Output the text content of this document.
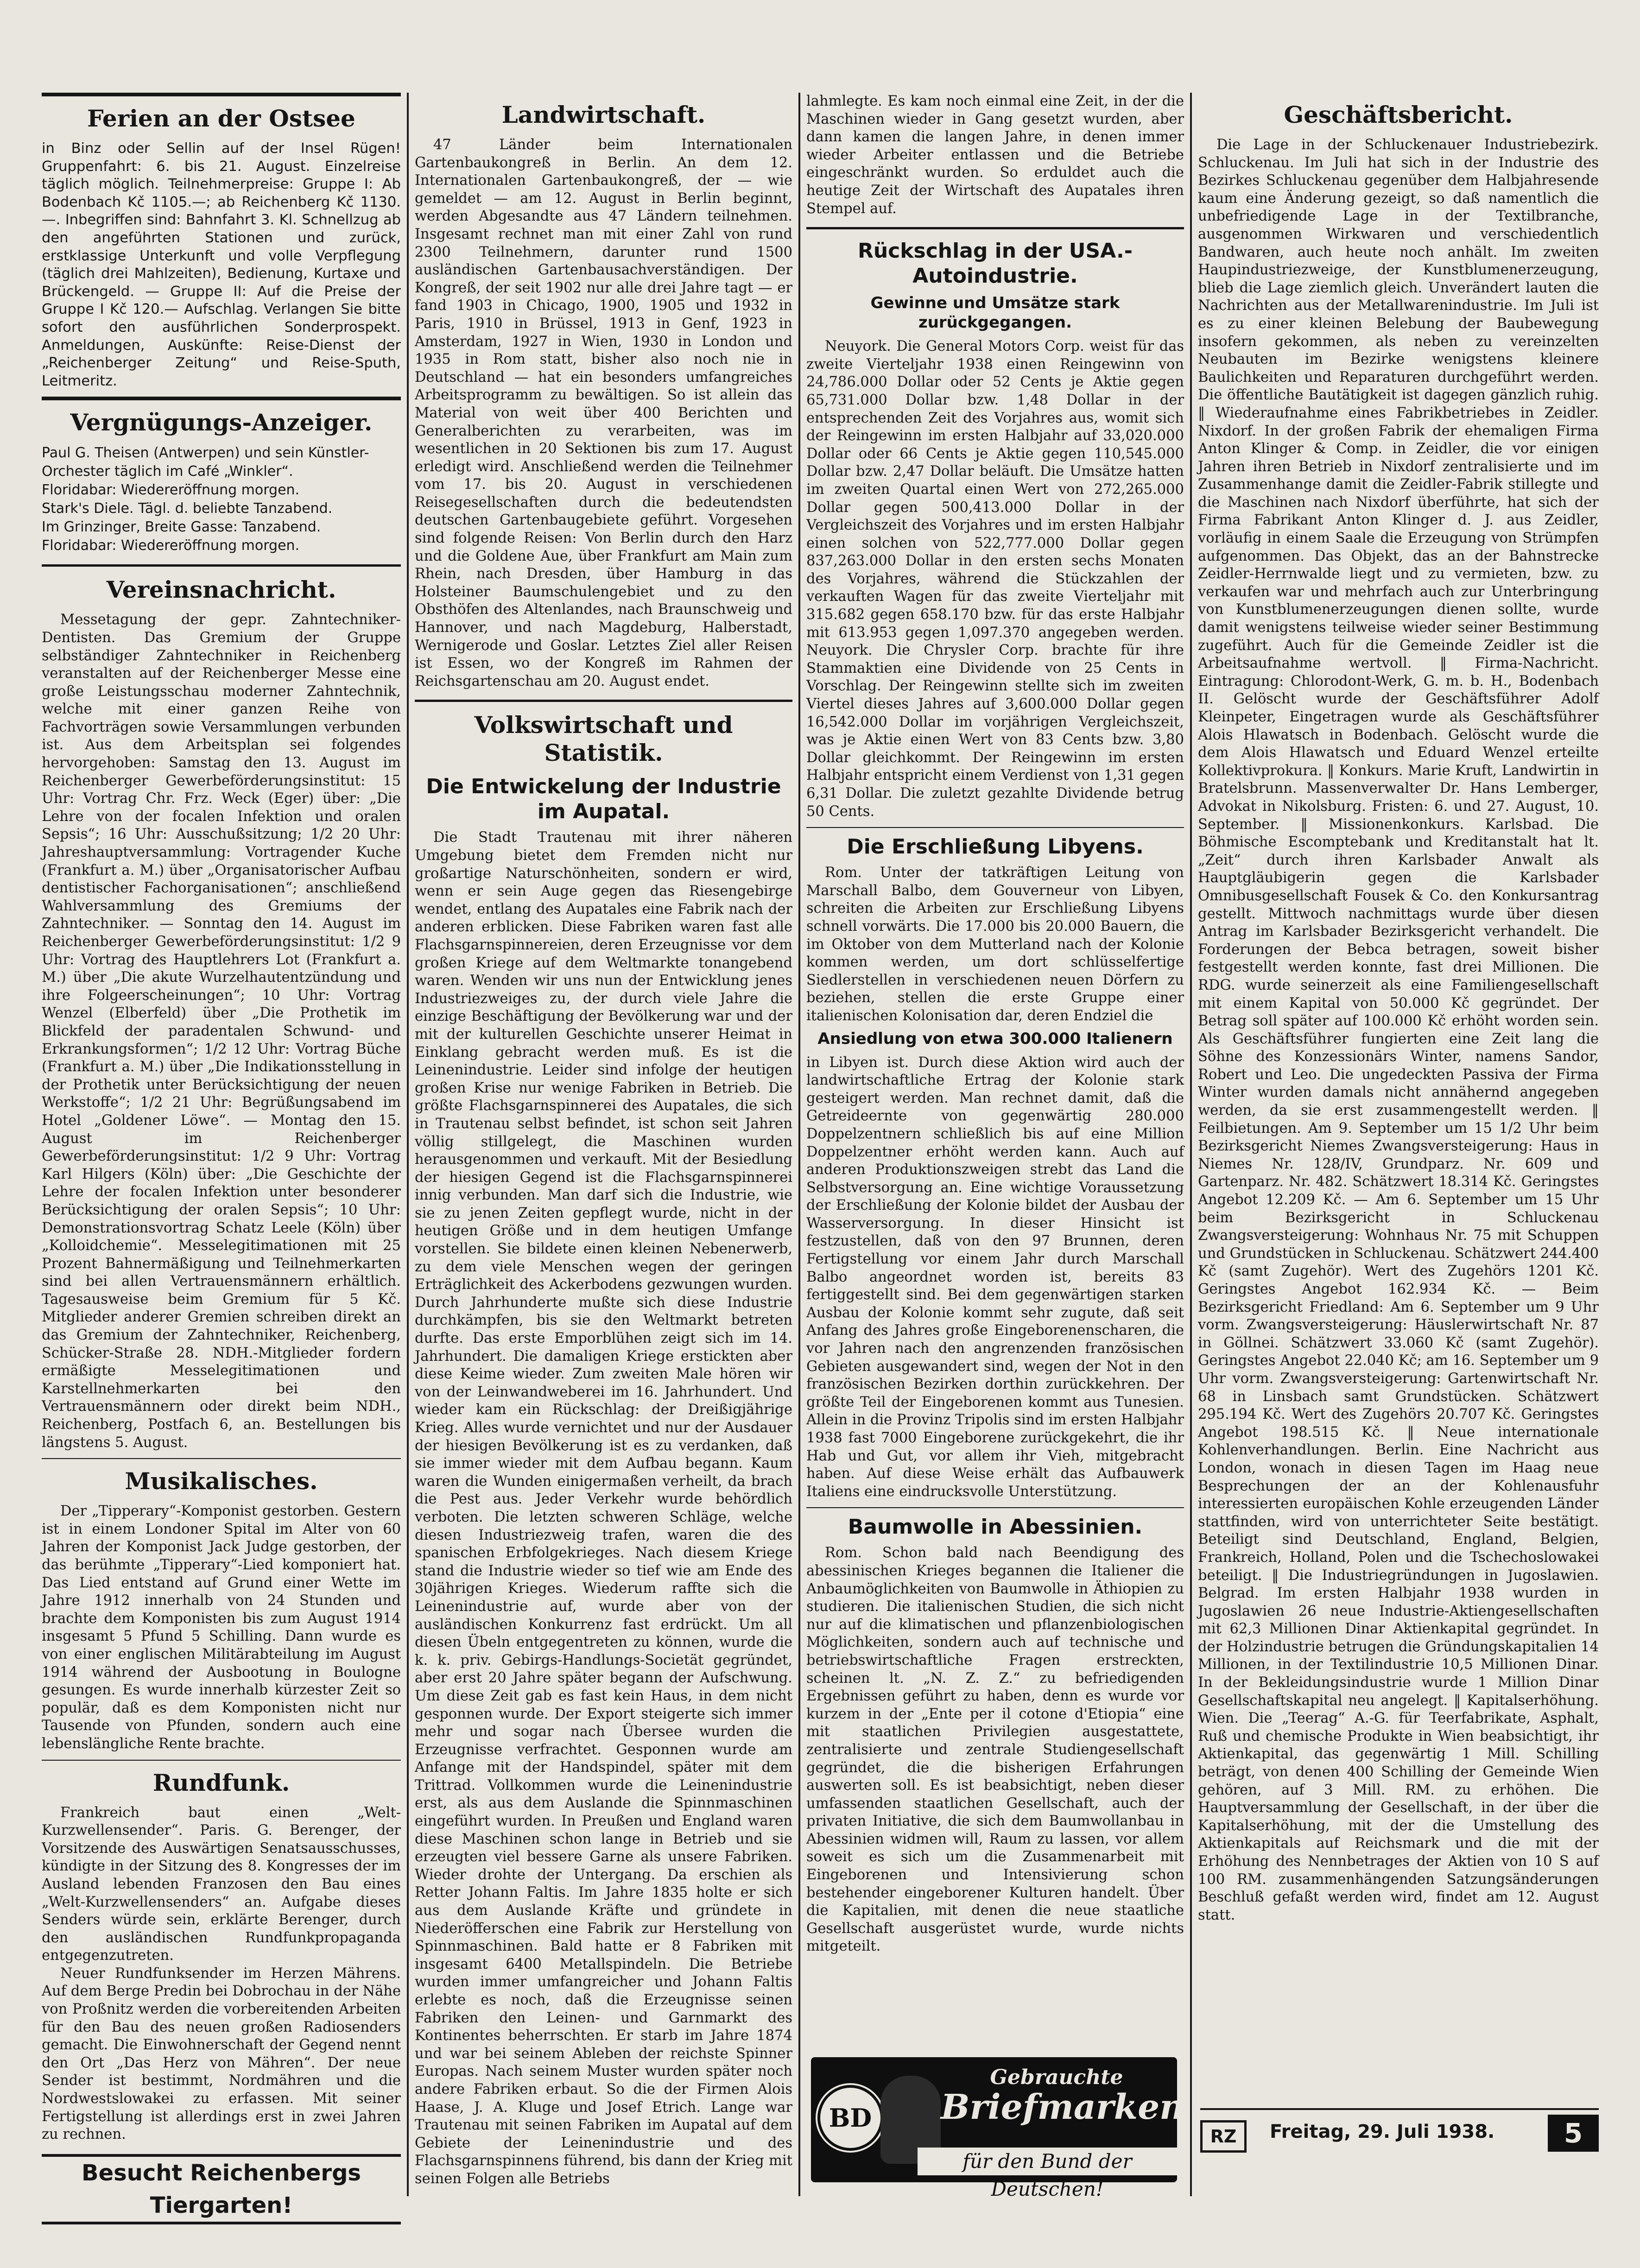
Ferien an der Ostsee

in Binz oder Sellin auf der Insel Rügen! Gruppenfahrt: 6. bis 21. August. Einzelreise täglich möglich. Teilnehmerpreise: Gruppe I: Ab Bodenbach Kč 1105.—; ab Reichenberg Kč 1130.—. Inbegriffen sind: Bahnfahrt 3. Kl. Schnellzug ab den angeführten Stationen und zurück, erstklassige Unterkunft und volle Verpflegung (täglich drei Mahlzeiten), Bedienung, Kurtaxe und Brückengeld. — Gruppe II: Auf die Preise der Gruppe I Kč 120.— Aufschlag. Verlangen Sie bitte sofort den ausführlichen Sonderprospekt. Anmeldungen, Auskünfte: Reise-Dienst der „Reichenberger Zeitung“ und Reise-Sputh, Leitmeritz.

Vergnügungs-Anzeiger.

Paul G. Theisen (Antwerpen) und sein Künstler-Orchester täglich im Café „Winkler“.

Floridabar: Wiedereröffnung morgen.

Stark's Diele. Tägl. d. beliebte Tanzabend.

Im Grinzinger, Breite Gasse: Tanzabend.

Floridabar: Wiedereröffnung morgen.

Vereinsnachricht.

Messetagung der gepr. Zahntechniker-Dentisten. Das Gremium der Gruppe selbständiger Zahntechniker in Reichenberg veranstalten auf der Reichenberger Messe eine große Leistungsschau moderner Zahntechnik, welche mit einer ganzen Reihe von Fachvorträgen sowie Versammlungen verbunden ist. Aus dem Arbeitsplan sei folgendes hervorgehoben: Samstag den 13. August im Reichenberger Gewerbeförderungsinstitut: 15 Uhr: Vortrag Chr. Frz. Weck (Eger) über: „Die Lehre von der focalen Infektion und oralen Sepsis“; 16 Uhr: Ausschußsitzung; 1/2 20 Uhr: Jahreshauptversammlung: Vortragender Kuche (Frankfurt a. M.) über „Organisatorischer Aufbau dentistischer Fachorganisationen“; anschließend Wahlversammlung des Gremiums der Zahntechniker. — Sonntag den 14. August im Reichenberger Gewerbeförderungsinstitut: 1/2 9 Uhr: Vortrag des Hauptlehrers Lot (Frankfurt a. M.) über „Die akute Wurzelhautentzündung und ihre Folgeerscheinungen“; 10 Uhr: Vortrag Wenzel (Elberfeld) über „Die Prothetik im Blickfeld der paradentalen Schwund- und Erkrankungsformen“; 1/2 12 Uhr: Vortrag Büche (Frankfurt a. M.) über „Die Indikationsstellung in der Prothetik unter Berücksichtigung der neuen Werkstoffe“; 1/2 21 Uhr: Begrüßungsabend im Hotel „Goldener Löwe“. — Montag den 15. August im Reichenberger Gewerbeförderungsinstitut: 1/2 9 Uhr: Vortrag Karl Hilgers (Köln) über: „Die Geschichte der Lehre der focalen Infektion unter besonderer Berücksichtigung der oralen Sepsis“; 10 Uhr: Demonstrationsvortrag Schatz Leele (Köln) über „Kolloidchemie“. Messelegitimationen mit 25 Prozent Bahnermäßigung und Teilnehmerkarten sind bei allen Vertrauensmännern erhältlich. Tagesausweise beim Gremium für 5 Kč. Mitglieder anderer Gremien schreiben direkt an das Gremium der Zahntechniker, Reichenberg, Schücker-Straße 28. NDH.-Mitglieder fordern ermäßigte Messelegitimationen und Karstellnehmerkarten bei den Vertrauensmännern oder direkt beim NDH., Reichenberg, Postfach 6, an. Bestellungen bis längstens 5. August.

Musikalisches.

Der „Tipperary“-Komponist gestorben. Gestern ist in einem Londoner Spital im Alter von 60 Jahren der Komponist Jack Judge gestorben, der das berühmte „Tipperary“-Lied komponiert hat. Das Lied entstand auf Grund einer Wette im Jahre 1912 innerhalb von 24 Stunden und brachte dem Komponisten bis zum August 1914 insgesamt 5 Pfund 5 Schilling. Dann wurde es von einer englischen Militärabteilung im August 1914 während der Ausbootung in Boulogne gesungen. Es wurde innerhalb kürzester Zeit so populär, daß es dem Komponisten nicht nur Tausende von Pfunden, sondern auch eine lebenslängliche Rente brachte.

Rundfunk.

Frankreich baut einen „Welt-Kurzwellensender“. Paris. G. Berenger, der Vorsitzende des Auswärtigen Senatsausschusses, kündigte in der Sitzung des 8. Kongresses der im Ausland lebenden Franzosen den Bau eines „Welt-Kurzwellensenders“ an. Aufgabe dieses Senders würde sein, erklärte Berenger, durch den ausländischen Rundfunkpropaganda entgegenzutreten.

Neuer Rundfunksender im Herzen Mährens. Auf dem Berge Predin bei Dobrochau in der Nähe von Proßnitz werden die vorbereitenden Arbeiten für den Bau des neuen großen Radiosenders gemacht. Die Einwohnerschaft der Gegend nennt den Ort „Das Herz von Mähren“. Der neue Sender ist bestimmt, Nordmähren und die Nordwestslowakei zu erfassen. Mit seiner Fertigstellung ist allerdings erst in zwei Jahren zu rechnen.

Besucht Reichenbergs Tiergarten!
Landwirtschaft.

47 Länder beim Internationalen Gartenbaukongreß in Berlin. An dem 12. Internationalen Gartenbaukongreß, der — wie gemeldet — am 12. August in Berlin beginnt, werden Abgesandte aus 47 Ländern teilnehmen. Insgesamt rechnet man mit einer Zahl von rund 2300 Teilnehmern, darunter rund 1500 ausländischen Gartenbausachverständigen. Der Kongreß, der seit 1902 nur alle drei Jahre tagt — er fand 1903 in Chicago, 1900, 1905 und 1932 in Paris, 1910 in Brüssel, 1913 in Genf, 1923 in Amsterdam, 1927 in Wien, 1930 in London und 1935 in Rom statt, bisher also noch nie in Deutschland — hat ein besonders umfangreiches Arbeitsprogramm zu bewältigen. So ist allein das Material von weit über 400 Berichten und Generalberichten zu verarbeiten, was im wesentlichen in 20 Sektionen bis zum 17. August erledigt wird. Anschließend werden die Teilnehmer vom 17. bis 20. August in verschiedenen Reisegesellschaften durch die bedeutendsten deutschen Gartenbaugebiete geführt. Vorgesehen sind folgende Reisen: Von Berlin durch den Harz und die Goldene Aue, über Frankfurt am Main zum Rhein, nach Dresden, über Hamburg in das Holsteiner Baumschulengebiet und zu den Obsthöfen des Altenlandes, nach Braunschweig und Hannover, und nach Magdeburg, Halberstadt, Wernigerode und Goslar. Letztes Ziel aller Reisen ist Essen, wo der Kongreß im Rahmen der Reichsgartenschau am 20. August endet.

Volkswirtschaft und Statistik.
Die Entwickelung der Industrie im Aupatal.

Die Stadt Trautenau mit ihrer näheren Umgebung bietet dem Fremden nicht nur großartige Naturschönheiten, sondern er wird, wenn er sein Auge gegen das Riesengebirge wendet, entlang des Aupatales eine Fabrik nach der anderen erblicken. Diese Fabriken waren fast alle Flachsgarnspinnereien, deren Erzeugnisse vor dem großen Kriege auf dem Weltmarkte tonangebend waren. Wenden wir uns nun der Entwicklung jenes Industriezweiges zu, der durch viele Jahre die einzige Beschäftigung der Bevölkerung war und der mit der kulturellen Geschichte unserer Heimat in Einklang gebracht werden muß. Es ist die Leinenindustrie. Leider sind infolge der heutigen großen Krise nur wenige Fabriken in Betrieb. Die größte Flachsgarnspinnerei des Aupatales, die sich in Trautenau selbst befindet, ist schon seit Jahren völlig stillgelegt, die Maschinen wurden herausgenommen und verkauft. Mit der Besiedlung der hiesigen Gegend ist die Flachsgarnspinnerei innig verbunden. Man darf sich die Industrie, wie sie zu jenen Zeiten gepflegt wurde, nicht in der heutigen Größe und in dem heutigen Umfange vorstellen. Sie bildete einen kleinen Nebenerwerb, zu dem viele Menschen wegen der geringen Erträglichkeit des Ackerbodens gezwungen wurden. Durch Jahrhunderte mußte sich diese Industrie durchkämpfen, bis sie den Weltmarkt betreten durfte. Das erste Emporblühen zeigt sich im 14. Jahrhundert. Die damaligen Kriege erstickten aber diese Keime wieder. Zum zweiten Male hören wir von der Leinwandweberei im 16. Jahrhundert. Und wieder kam ein Rückschlag: der Dreißigjährige Krieg. Alles wurde vernichtet und nur der Ausdauer der hiesigen Bevölkerung ist es zu verdanken, daß sie immer wieder mit dem Aufbau begann. Kaum waren die Wunden einigermaßen verheilt, da brach die Pest aus. Jeder Verkehr wurde behördlich verboten. Die letzten schweren Schläge, welche diesen Industriezweig trafen, waren die des spanischen Erbfolgekrieges. Nach diesem Kriege stand die Industrie wieder so tief wie am Ende des 30jährigen Krieges. Wiederum raffte sich die Leinenindustrie auf, wurde aber von der ausländischen Konkurrenz fast erdrückt. Um all diesen Übeln entgegentreten zu können, wurde die k. k. priv. Gebirgs-Handlungs-Societät gegründet, aber erst 20 Jahre später begann der Aufschwung. Um diese Zeit gab es fast kein Haus, in dem nicht gesponnen wurde. Der Export steigerte sich immer mehr und sogar nach Übersee wurden die Erzeugnisse verfrachtet. Gesponnen wurde am Anfange mit der Handspindel, später mit dem Trittrad. Vollkommen wurde die Leinenindustrie erst, als aus dem Auslande die Spinnmaschinen eingeführt wurden. In Preußen und England waren diese Maschinen schon lange in Betrieb und sie erzeugten viel bessere Garne als unsere Fabriken. Wieder drohte der Untergang. Da erschien als Retter Johann Faltis. Im Jahre 1835 holte er sich aus dem Auslande Kräfte und gründete in Niederöfferschen eine Fabrik zur Herstellung von Spinnmaschinen. Bald hatte er 8 Fabriken mit insgesamt 6400 Metallspindeln. Die Betriebe wurden immer umfangreicher und Johann Faltis erlebte es noch, daß die Erzeugnisse seinen Fabriken den Leinen- und Garnmarkt des Kontinentes beherrschten. Er starb im Jahre 1874 und war bei seinem Ableben der reichste Spinner Europas. Nach seinem Muster wurden später noch andere Fabriken erbaut. So die der Firmen Alois Haase, J. A. Kluge und Josef Etrich. Lange war Trautenau mit seinen Fabriken im Aupatal auf dem Gebiete der Leinenindustrie und des Flachsgarnspinnens führend, bis dann der Krieg mit seinen Folgen alle Betriebs

lahmlegte. Es kam noch einmal eine Zeit, in der die Maschinen wieder in Gang gesetzt wurden, aber dann kamen die langen Jahre, in denen immer wieder Arbeiter entlassen und die Betriebe eingeschränkt wurden. So erduldet auch die heutige Zeit der Wirtschaft des Aupatales ihren Stempel auf.

Rückschlag in der USA.-Autoindustrie.
Gewinne und Umsätze stark zurückgegangen.

Neuyork. Die General Motors Corp. weist für das zweite Vierteljahr 1938 einen Reingewinn von 24,786.000 Dollar oder 52 Cents je Aktie gegen 65,731.000 Dollar bzw. 1,48 Dollar in der entsprechenden Zeit des Vorjahres aus, womit sich der Reingewinn im ersten Halbjahr auf 33,020.000 Dollar oder 66 Cents je Aktie gegen 110,545.000 Dollar bzw. 2,47 Dollar beläuft. Die Umsätze hatten im zweiten Quartal einen Wert von 272,265.000 Dollar gegen 500,413.000 Dollar in der Vergleichszeit des Vorjahres und im ersten Halbjahr einen solchen von 522,777.000 Dollar gegen 837,263.000 Dollar in den ersten sechs Monaten des Vorjahres, während die Stückzahlen der verkauften Wagen für das zweite Vierteljahr mit 315.682 gegen 658.170 bzw. für das erste Halbjahr mit 613.953 gegen 1,097.370 angegeben werden. Neuyork. Die Chrysler Corp. brachte für ihre Stammaktien eine Dividende von 25 Cents in Vorschlag. Der Reingewinn stellte sich im zweiten Viertel dieses Jahres auf 3,600.000 Dollar gegen 16,542.000 Dollar im vorjährigen Vergleichszeit, was je Aktie einen Wert von 83 Cents bzw. 3,80 Dollar gleichkommt. Der Reingewinn im ersten Halbjahr entspricht einem Verdienst von 1,31 gegen 6,31 Dollar. Die zuletzt gezahlte Dividende betrug 50 Cents.

Die Erschließung Libyens.

Rom. Unter der tatkräftigen Leitung von Marschall Balbo, dem Gouverneur von Libyen, schreiten die Arbeiten zur Erschließung Libyens schnell vorwärts. Die 17.000 bis 20.000 Bauern, die im Oktober von dem Mutterland nach der Kolonie kommen werden, um dort schlüsselfertige Siedlerstellen in verschiedenen neuen Dörfern zu beziehen, stellen die erste Gruppe einer italienischen Kolonisation dar, deren Endziel die

Ansiedlung von etwa 300.000 Italienern

in Libyen ist. Durch diese Aktion wird auch der landwirtschaftliche Ertrag der Kolonie stark gesteigert werden. Man rechnet damit, daß die Getreideernte von gegenwärtig 280.000 Doppelzentnern schließlich bis auf eine Million Doppelzentner erhöht werden kann. Auch auf anderen Produktionszweigen strebt das Land die Selbstversorgung an. Eine wichtige Voraussetzung der Erschließung der Kolonie bildet der Ausbau der Wasserversorgung. In dieser Hinsicht ist festzustellen, daß von den 97 Brunnen, deren Fertigstellung vor einem Jahr durch Marschall Balbo angeordnet worden ist, bereits 83 fertiggestellt sind. Bei dem gegenwärtigen starken Ausbau der Kolonie kommt sehr zugute, daß seit Anfang des Jahres große Eingeborenenscharen, die vor Jahren nach den angrenzenden französischen Gebieten ausgewandert sind, wegen der Not in den französischen Bezirken dorthin zurückkehren. Der größte Teil der Eingeborenen kommt aus Tunesien. Allein in die Provinz Tripolis sind im ersten Halbjahr 1938 fast 7000 Eingeborene zurückgekehrt, die ihr Hab und Gut, vor allem ihr Vieh, mitgebracht haben. Auf diese Weise erhält das Aufbauwerk Italiens eine eindrucksvolle Unterstützung.

Baumwolle in Abessinien.

Rom. Schon bald nach Beendigung des abessinischen Krieges begannen die Italiener die Anbaumöglichkeiten von Baumwolle in Äthiopien zu studieren. Die italienischen Studien, die sich nicht nur auf die klimatischen und pflanzenbiologischen Möglichkeiten, sondern auch auf technische und betriebswirtschaftliche Fragen erstreckten, scheinen lt. „N. Z. Z.“ zu befriedigenden Ergebnissen geführt zu haben, denn es wurde vor kurzem in der „Ente per il cotone d'Etiopia“ eine mit staatlichen Privilegien ausgestattete, zentralisierte und zentrale Studiengesellschaft gegründet, die die bisherigen Erfahrungen auswerten soll. Es ist beabsichtigt, neben dieser umfassenden staatlichen Gesellschaft, auch der privaten Initiative, die sich dem Baumwollanbau in Abessinien widmen will, Raum zu lassen, vor allem soweit es sich um die Zusammenarbeit mit Eingeborenen und Intensivierung schon bestehender eingeborener Kulturen handelt. Über die Kapitalien, mit denen die neue staatliche Gesellschaft ausgerüstet wurde, wurde nichts mitgeteilt.

BD
Gebrauchte
Briefmarken
für den Bund der Deutschen!
Geschäftsbericht.

Die Lage in der Schluckenauer Industriebezirk. Schluckenau. Im Juli hat sich in der Industrie des Bezirkes Schluckenau gegenüber dem Halbjahresende kaum eine Änderung gezeigt, so daß namentlich die unbefriedigende Lage in der Textilbranche, ausgenommen Wirkwaren und verschiedentlich Bandwaren, auch heute noch anhält. Im zweiten Haupindustriezweige, der Kunstblumenerzeugung, blieb die Lage ziemlich gleich. Unverändert lauten die Nachrichten aus der Metallwarenindustrie. Im Juli ist es zu einer kleinen Belebung der Baubewegung insofern gekommen, als neben zu vereinzelten Neubauten im Bezirke wenigstens kleinere Baulichkeiten und Reparaturen durchgeführt werden. Die öffentliche Bautätigkeit ist dagegen gänzlich ruhig. ‖ Wiederaufnahme eines Fabrikbetriebes in Zeidler. Nixdorf. In der großen Fabrik der ehemaligen Firma Anton Klinger & Comp. in Zeidler, die vor einigen Jahren ihren Betrieb in Nixdorf zentralisierte und im Zusammenhange damit die Zeidler-Fabrik stillegte und die Maschinen nach Nixdorf überführte, hat sich der Firma Fabrikant Anton Klinger d. J. aus Zeidler, vorläufig in einem Saale die Erzeugung von Strümpfen aufgenommen. Das Objekt, das an der Bahnstrecke Zeidler-Herrnwalde liegt und zu vermieten, bzw. zu verkaufen war und mehrfach auch zur Unterbringung von Kunstblumenerzeugungen dienen sollte, wurde damit wenigstens teilweise wieder seiner Bestimmung zugeführt. Auch für die Gemeinde Zeidler ist die Arbeitsaufnahme wertvoll. ‖ Firma-Nachricht. Eintragung: Chlorodont-Werk, G. m. b. H., Bodenbach II. Gelöscht wurde der Geschäftsführer Adolf Kleinpeter, Eingetragen wurde als Geschäftsführer Alois Hlawatsch in Bodenbach. Gelöscht wurde die dem Alois Hlawatsch und Eduard Wenzel erteilte Kollektivprokura. ‖ Konkurs. Marie Kruft, Landwirtin in Bratelsbrunn. Massenverwalter Dr. Hans Lemberger, Advokat in Nikolsburg. Fristen: 6. und 27. August, 10. September. ‖ Missionenkonkurs. Karlsbad. Die Böhmische Escomptebank und Kreditanstalt hat lt. „Zeit“ durch ihren Karlsbader Anwalt als Hauptgläubigerin gegen die Karlsbader Omnibusgesellschaft Fousek & Co. den Konkursantrag gestellt. Mittwoch nachmittags wurde über diesen Antrag im Karlsbader Bezirksgericht verhandelt. Die Forderungen der Bebca betragen, soweit bisher festgestellt werden konnte, fast drei Millionen. Die RDG. wurde seinerzeit als eine Familiengesellschaft mit einem Kapital von 50.000 Kč gegründet. Der Betrag soll später auf 100.000 Kč erhöht worden sein. Als Geschäftsführer fungierten eine Zeit lang die Söhne des Konzessionärs Winter, namens Sandor, Robert und Leo. Die ungedeckten Passiva der Firma Winter wurden damals nicht annähernd angegeben werden, da sie erst zusammengestellt werden. ‖ Feilbietungen. Am 9. September um 15 1/2 Uhr beim Bezirksgericht Niemes Zwangsversteigerung: Haus in Niemes Nr. 128/IV, Grundparz. Nr. 609 und Gartenparz. Nr. 482. Schätzwert 18.314 Kč. Geringstes Angebot 12.209 Kč. — Am 6. September um 15 Uhr beim Bezirksgericht in Schluckenau Zwangsversteigerung: Wohnhaus Nr. 75 mit Schuppen und Grundstücken in Schluckenau. Schätzwert 244.400 Kč (samt Zugehör). Wert des Zugehörs 1201 Kč. Geringstes Angebot 162.934 Kč. — Beim Bezirksgericht Friedland: Am 6. September um 9 Uhr vorm. Zwangsversteigerung: Häuslerwirtschaft Nr. 87 in Göllnei. Schätzwert 33.060 Kč (samt Zugehör). Geringstes Angebot 22.040 Kč; am 16. September um 9 Uhr vorm. Zwangsversteigerung: Gartenwirtschaft Nr. 68 in Linsbach samt Grundstücken. Schätzwert 295.194 Kč. Wert des Zugehörs 20.707 Kč. Geringstes Angebot 198.515 Kč. ‖ Neue internationale Kohlenverhandlungen. Berlin. Eine Nachricht aus London, wonach in diesen Tagen im Haag neue Besprechungen der an der Kohlenausfuhr interessierten europäischen Kohle erzeugenden Länder stattfinden, wird von unterrichteter Seite bestätigt. Beteiligt sind Deutschland, England, Belgien, Frankreich, Holland, Polen und die Tschechoslowakei beteiligt. ‖ Die Industriegründungen in Jugoslawien. Belgrad. Im ersten Halbjahr 1938 wurden in Jugoslawien 26 neue Industrie-Aktiengesellschaften mit 62,3 Millionen Dinar Aktienkapital gegründet. In der Holzindustrie betrugen die Gründungskapitalien 14 Millionen, in der Textilindustrie 10,5 Millionen Dinar. In der Bekleidungsindustrie wurde 1 Million Dinar Gesellschaftskapital neu angelegt. ‖ Kapitalserhöhung. Wien. Die „Teerag“ A.-G. für Teerfabrikate, Asphalt, Ruß und chemische Produkte in Wien beabsichtigt, ihr Aktienkapital, das gegenwärtig 1 Mill. Schilling beträgt, von denen 400 Schilling der Gemeinde Wien gehören, auf 3 Mill. RM. zu erhöhen. Die Hauptversammlung der Gesellschaft, in der über die Kapitalserhöhung, mit der die Umstellung des Aktienkapitals auf Reichsmark und die mit der Erhöhung des Nennbetrages der Aktien von 10 S auf 100 RM. zusammenhängenden Satzungsänderungen Beschluß gefaßt werden wird, findet am 12. August statt.

RZ	Freitag, 29. Juli 1938.	5
